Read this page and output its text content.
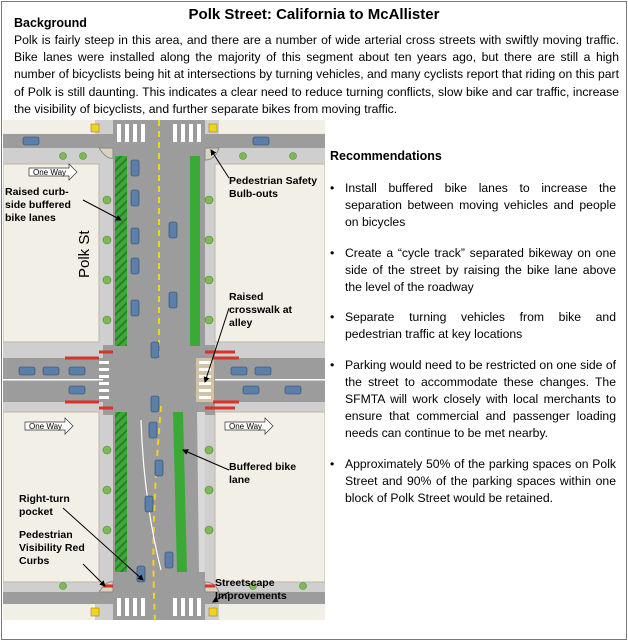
Polk Street: California to McAllister
Background
Polk is fairly steep in this area, and there are a number of wide arterial cross streets with swiftly moving traffic. Bike lanes were installed along the majority of this segment about ten years ago, but there are still a high number of bicyclists being hit at intersections by turning vehicles, and many cyclists report that riding on this part of Polk is still daunting. This indicates a clear need to reduce turning conflicts, slow bike and car traffic, increase the visibility of bicyclists, and further separate bikes from moving traffic.
One Way
One Way	One Way
Polk St
Raised curb- side buffered bike lanes
Pedestrian Safety Bulb-outs
Raised crosswalk at alley
Buffered bike lane
Right-turn pocket
Pedestrian Visibility Red Curbs
Streetscape Improvements
Recommendations
• Install buffered bike lanes to increase the separation between moving vehicles and people on bicycles
• Create a “cycle track” separated bikeway on one side of the street by raising the bike lane above the level of the roadway
• Separate turning vehicles from bike and pedestrian traffic at key locations
• Parking would need to be restricted on one side of the street to accommodate these changes. The SFMTA will work closely with local merchants to ensure that commercial and passenger loading needs can continue to be met nearby.
• Approximately 50% of the parking spaces on Polk Street and 90% of the parking spaces within one block of Polk Street would be retained.
